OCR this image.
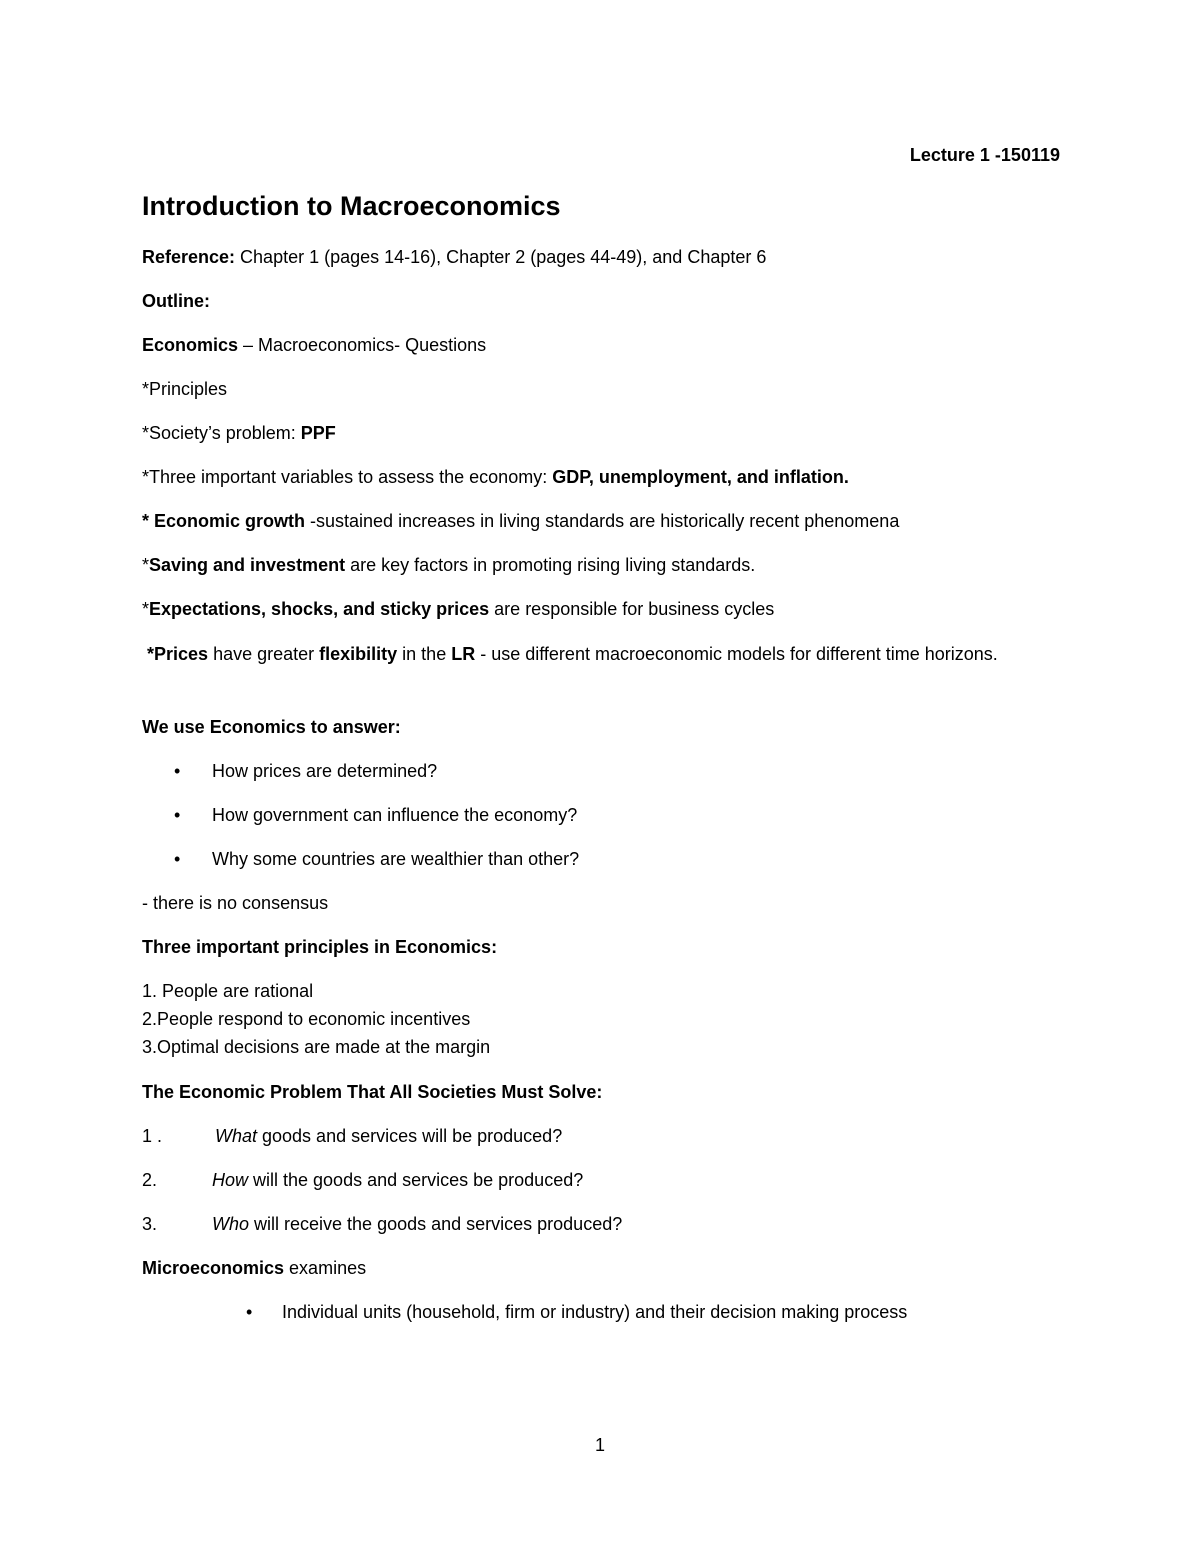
Lecture 1 -150119
Introduction to Macroeconomics
Reference: Chapter 1 (pages 14-16), Chapter 2 (pages 44-49), and Chapter 6
Outline:
Economics – Macroeconomics- Questions
*Principles
*Society’s problem: PPF
*Three important variables to assess the economy: GDP, unemployment, and inflation.
* Economic growth -sustained increases in living standards are historically recent phenomena
*Saving and investment are key factors in promoting rising living standards.
*Expectations, shocks, and sticky prices are responsible for business cycles
*Prices have greater flexibility in the LR - use different macroeconomic models for different time horizons.
We use Economics to answer:
• How prices are determined?
• How government can influence the economy?
• Why some countries are wealthier than other?
- there is no consensus
Three important principles in Economics:
1. People are rational
2.People respond to economic incentives
3.Optimal decisions are made at the margin
The Economic Problem That All Societies Must Solve:
1 .	What goods and services will be produced?
2.	How will the goods and services be produced?
3.	Who will receive the goods and services produced?
Microeconomics examines
• Individual units (household, firm or industry) and their decision making process
1
